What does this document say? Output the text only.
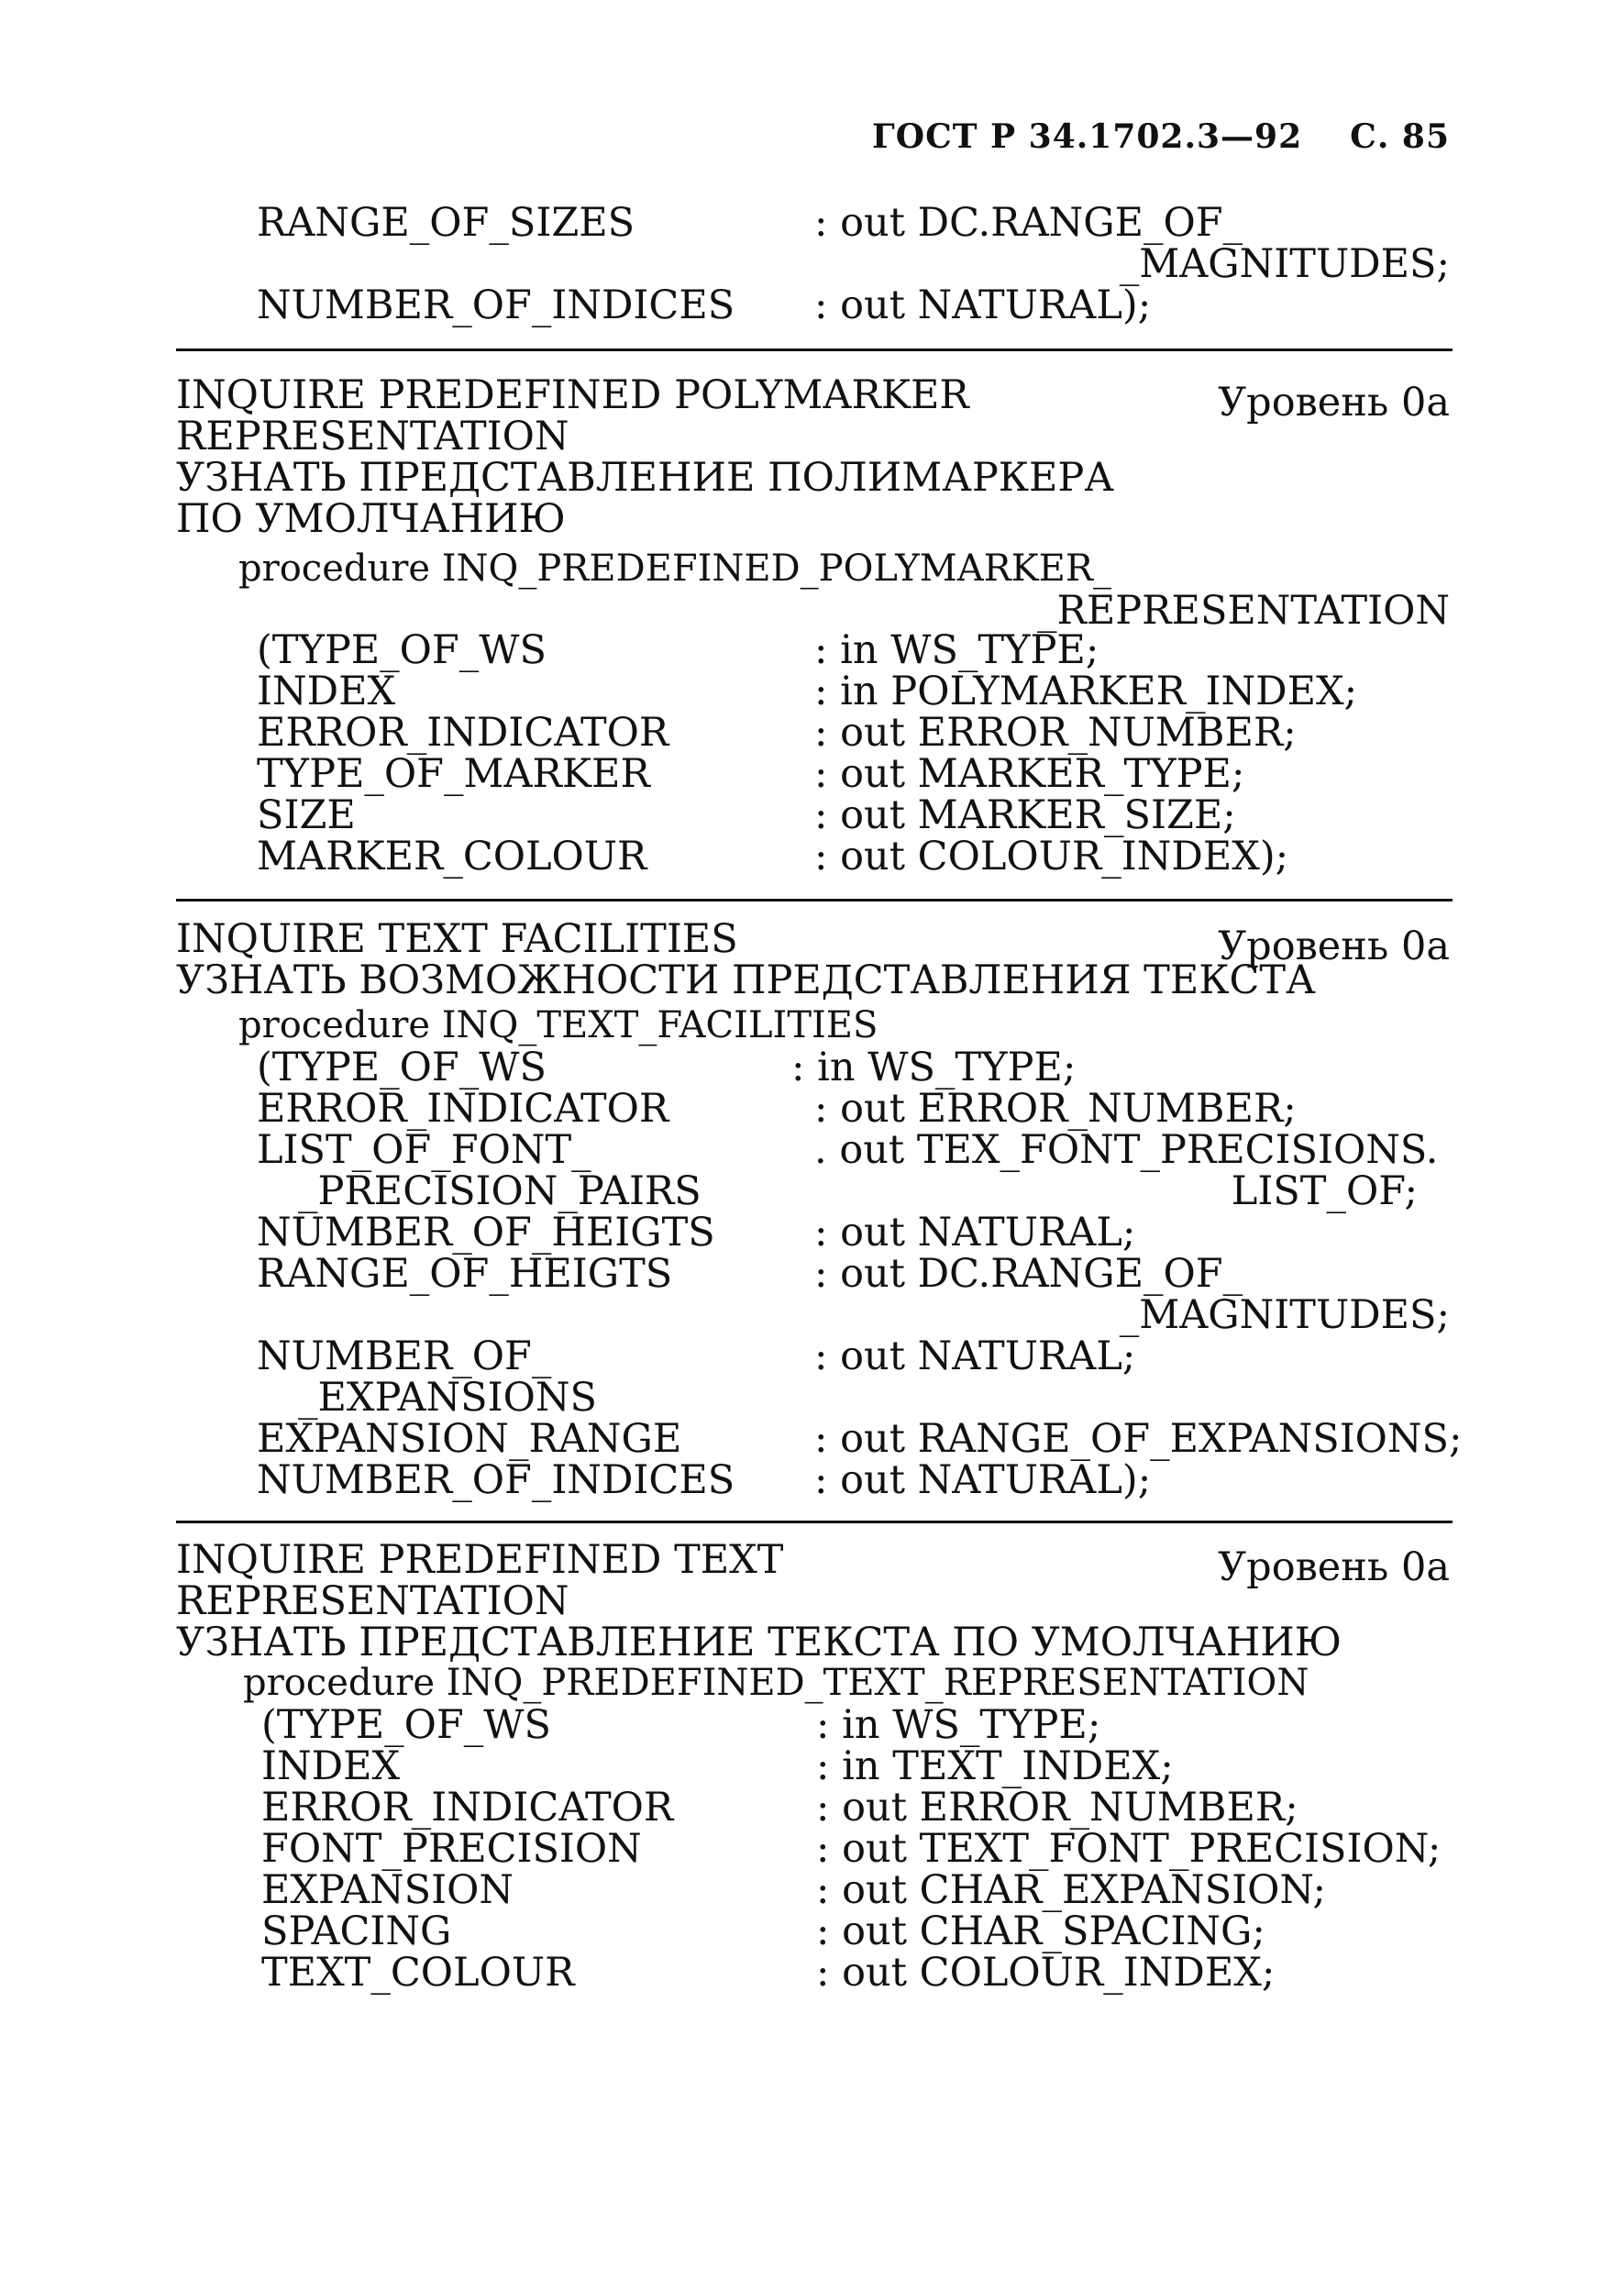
ГОСТ Р 34.1702.3—92 С. 85
RANGE_OF_SIZES	: out DC.RANGE_OF_
_MAGNITUDES;
NUMBER_OF_INDICES : out NATURAL);
INQUIRE PREDEFINED POLYMARKER	Уровень 0а
REPRESENTATION
УЗНАТЬ ПРЕДСТАВЛЕНИЕ ПОЛИМАРКЕРА
ПО УМОЛЧАНИЮ
procedure INQ_PREDEFINED_POLYMARKER_
_REPRESENTATION
(TYPE_OF_WS	: in WS_TYPE;
INDEX	: in POLYMARKER_INDEX;
ERROR_INDICATOR	: out ERROR_NUMBER;
TYPE_OF_MARKER	: out MARKER_TYPE;
SIZE	: out MARKER_SIZE;
MARKER_COLOUR	: out COLOUR_INDEX);
INQUIRE TEXT FACILITIES	Уровень 0а
УЗНАТЬ ВОЗМОЖНОСТИ ПРЕДСТАВЛЕНИЯ ТЕКСТА
procedure INQ_TEXT_FACILITIES
(TYPE_OF_WS	: in WS_TYPE;
ERROR_INDICATOR	: out ERROR_NUMBER;
LIST_OF_FONT_	. out TEX_FONT_PRECISIONS.
_PRECISION_PAIRS	LIST_OF;
NUMBER_OF_HEIGTS	: out NATURAL;
RANGE_OF_HEIGTS	: out DC.RANGE_OF_
_MAGNITUDES;
NUMBER_OF_	: out NATURAL;
_EXPANSIONS
EXPANSION_RANGE	: out RANGE_OF_EXPANSIONS;
NUMBER_OF_INDICES : out NATURAL);
INQUIRE PREDEFINED TEXT	Уровень 0а
REPRESENTATION
УЗНАТЬ ПРЕДСТАВЛЕНИЕ ТЕКСТА ПО УМОЛЧАНИЮ
procedure INQ_PREDEFINED_TEXT_REPRESENTATION
(TYPE_OF_WS	: in WS_TYPE;
INDEX	: in TEXT_INDEX;
ERROR_INDICATOR	: out ERROR_NUMBER;
FONT_PRECISION	: out TEXT_FONT_PRECISION;
EXPANSION	: out CHAR_EXPANSION;
SPACING	: out CHAR_SPACING;
TEXT_COLOUR	: out COLOUR_INDEX;
